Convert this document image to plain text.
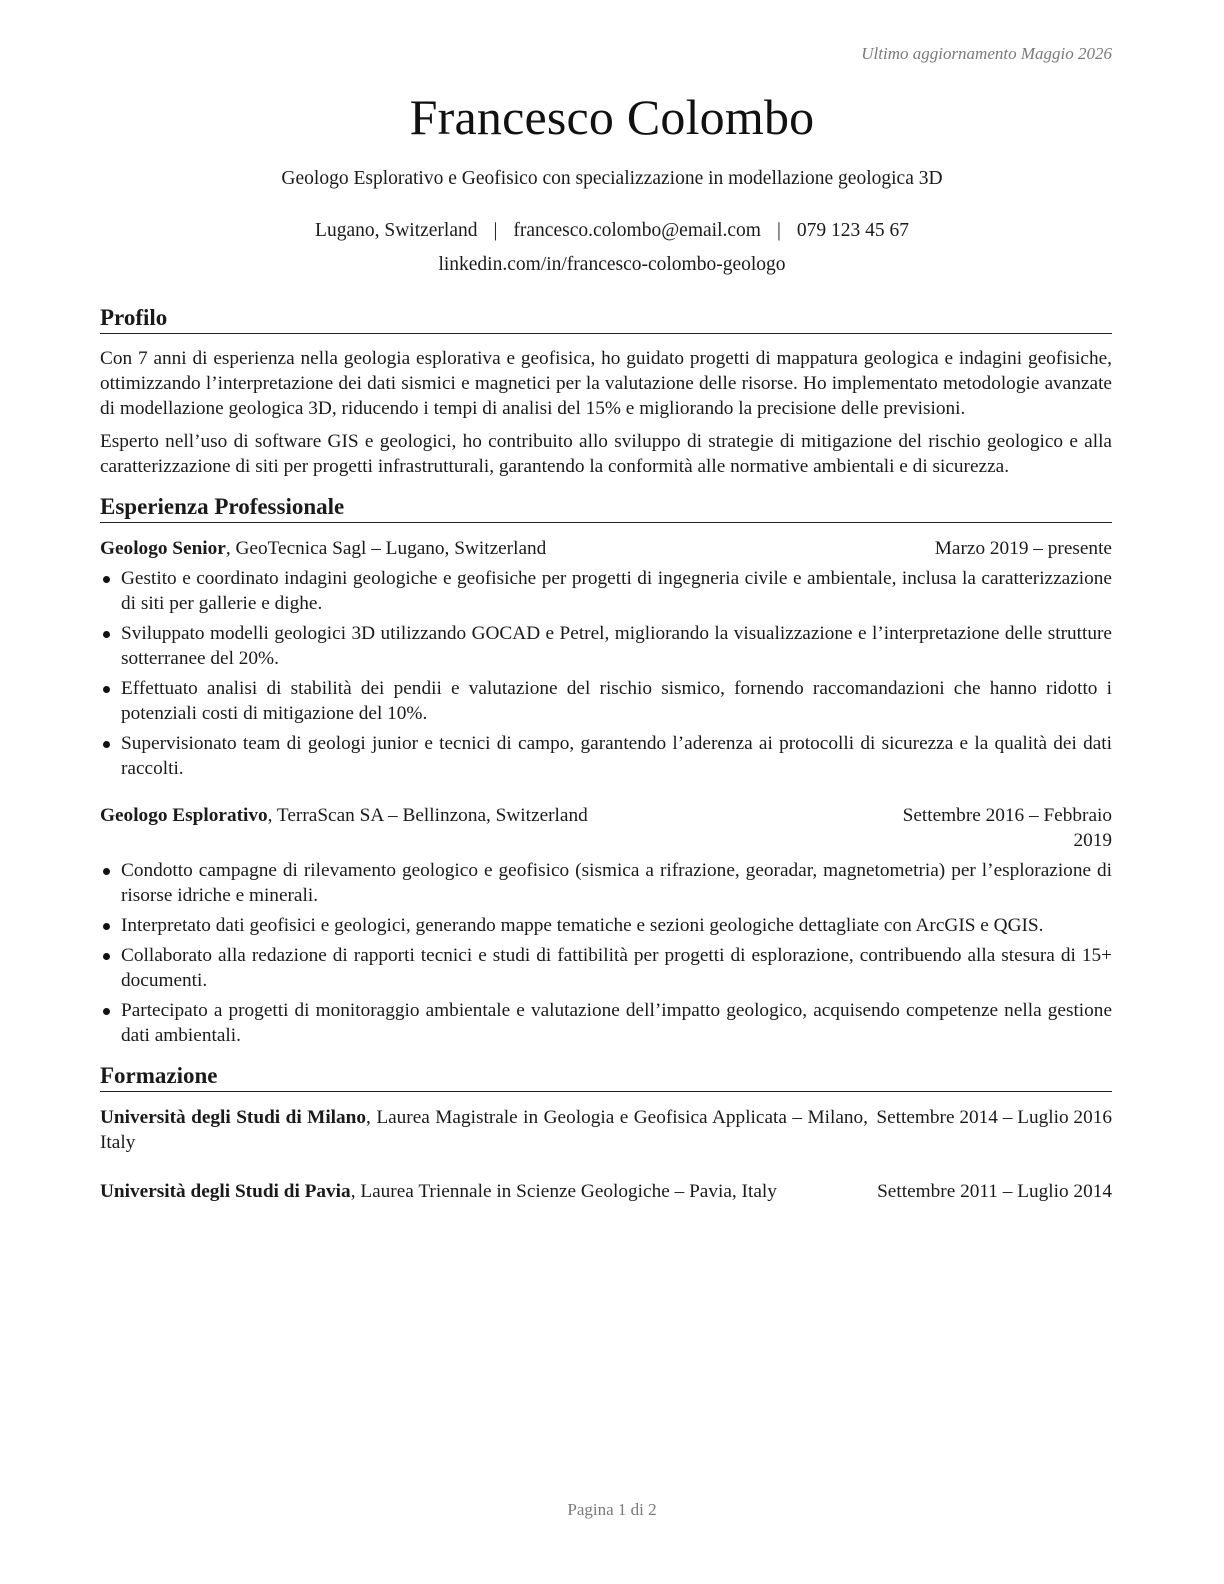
Ultimo aggiornamento Maggio 2026
Francesco Colombo
Geologo Esplorativo e Geofisico con specializzazione in modellazione geologica 3D
Lugano, Switzerland | francesco.colombo@email.com | 079 123 45 67
linkedin.com/in/francesco-colombo-geologo
Profilo

Con 7 anni di esperienza nella geologia esplorativa e geofisica, ho guidato progetti di mappatura geologica e indagini geofisiche, ottimizzando l’interpretazione dei dati sismici e magnetici per la valutazione delle risorse. Ho implementato metodologie avanzate di modellazione geologica 3D, riducendo i tempi di analisi del 15% e migliorando la precisione delle previsioni.

Esperto nell’uso di software GIS e geologici, ho contribuito allo sviluppo di strategie di mitigazione del rischio geologico e alla caratterizzazione di siti per progetti infrastrutturali, garantendo la conformità alle normative ambientali e di sicurezza.

Esperienza Professionale
Geologo Senior, GeoTecnica Sagl – Lugano, Switzerland	Marzo 2019 – presente
Gestito e coordinato indagini geologiche e geofisiche per progetti di ingegneria civile e ambientale, inclusa la caratterizzazione di siti per gallerie e dighe.
Sviluppato modelli geologici 3D utilizzando GOCAD e Petrel, migliorando la visualizzazione e l’interpretazione delle strutture sotterranee del 20%.
Effettuato analisi di stabilità dei pendii e valutazione del rischio sismico, fornendo raccomandazioni che hanno ridotto i potenziali costi di mitigazione del 10%.
Supervisionato team di geologi junior e tecnici di campo, garantendo l’aderenza ai protocolli di sicurezza e la qualità dei dati raccolti.
Geologo Esplorativo, TerraScan SA – Bellinzona, Switzerland	Settembre 2016 – Febbraio 2019
Condotto campagne di rilevamento geologico e geofisico (sismica a rifrazione, georadar, magnetometria) per l’esplorazione di risorse idriche e minerali.
Interpretato dati geofisici e geologici, generando mappe tematiche e sezioni geologiche dettagliate con ArcGIS e QGIS.
Collaborato alla redazione di rapporti tecnici e studi di fattibilità per progetti di esplorazione, contribuendo alla stesura di 15+ documenti.
Partecipato a progetti di monitoraggio ambientale e valutazione dell’impatto geologico, acquisendo competenze nella gestione dati ambientali.
Formazione
Università degli Studi di Milano, Laurea Magistrale in Geologia e Geofisica Applicata – Milano, Italy
Settembre 2014 – Luglio 2016
Università degli Studi di Pavia, Laurea Triennale in Scienze Geologiche – Pavia, Italy	Settembre 2011 – Luglio 2014
Pagina 1 di 2
